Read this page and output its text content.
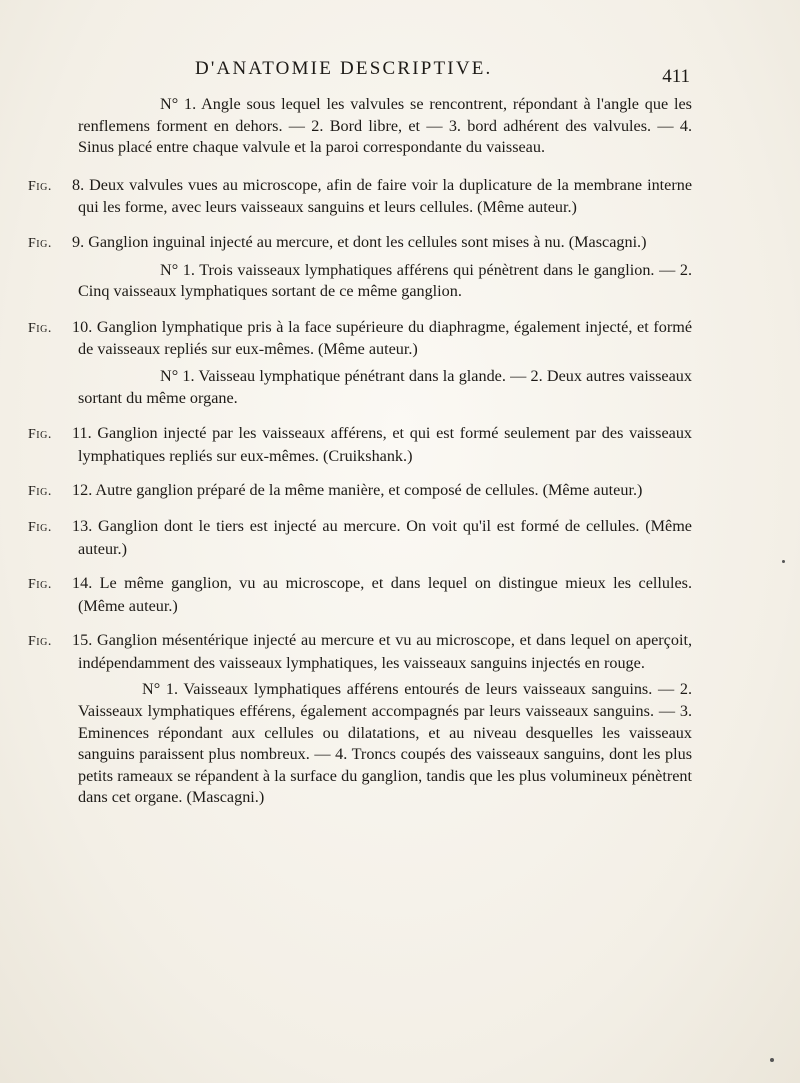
D'ANATOMIE DESCRIPTIVE.	411

N° 1. Angle sous lequel les valvules se rencontrent, répondant à l'angle que les renflemens forment en dehors. — 2. Bord libre, et — 3. bord adhérent des valvules. — 4. Sinus placé entre chaque valvule et la paroi correspondante du vaisseau.

Fig. 8. Deux valvules vues au microscope, afin de faire voir la duplicature de la membrane interne qui les forme, avec leurs vaisseaux sanguins et leurs cellules. (Même auteur.)

Fig. 9. Ganglion inguinal injecté au mercure, et dont les cellules sont mises à nu. (Mascagni.)

N° 1. Trois vaisseaux lymphatiques afférens qui pénètrent dans le ganglion. — 2. Cinq vaisseaux lymphatiques sortant de ce même ganglion.

Fig. 10. Ganglion lymphatique pris à la face supérieure du diaphragme, également injecté, et formé de vaisseaux repliés sur eux-mêmes. (Même auteur.)

N° 1. Vaisseau lymphatique pénétrant dans la glande. — 2. Deux autres vaisseaux sortant du même organe.

Fig. 11. Ganglion injecté par les vaisseaux afférens, et qui est formé seulement par des vaisseaux lymphatiques repliés sur eux-mêmes. (Cruikshank.)

Fig. 12. Autre ganglion préparé de la même manière, et composé de cellules. (Même auteur.)

Fig. 13. Ganglion dont le tiers est injecté au mercure. On voit qu'il est formé de cellules. (Même auteur.)

Fig. 14. Le même ganglion, vu au microscope, et dans lequel on distingue mieux les cellules. (Même auteur.)

Fig. 15. Ganglion mésentérique injecté au mercure et vu au microscope, et dans lequel on aperçoit, indépendamment des vaisseaux lymphatiques, les vaisseaux sanguins injectés en rouge.

N° 1. Vaisseaux lymphatiques afférens entourés de leurs vaisseaux sanguins. — 2. Vaisseaux lymphatiques efférens, également accompagnés par leurs vaisseaux sanguins. — 3. Eminences répondant aux cellules ou dilatations, et au niveau desquelles les vaisseaux sanguins paraissent plus nombreux. — 4. Troncs coupés des vaisseaux sanguins, dont les plus petits rameaux se répandent à la surface du ganglion, tandis que les plus volumineux pénètrent dans cet organe. (Mascagni.)
